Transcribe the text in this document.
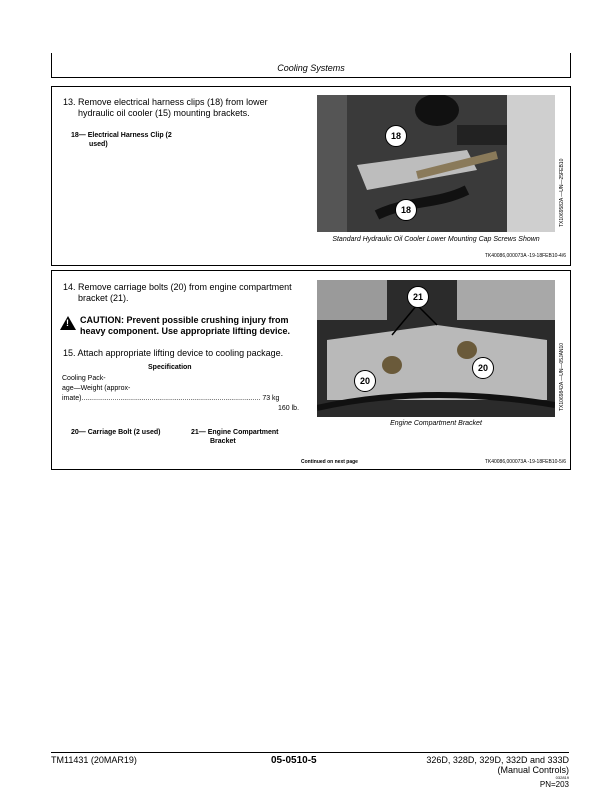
Cooling Systems
13. Remove electrical harness clips (18) from lower
hydraulic oil cooler (15) mounting brackets.
18— Electrical Harness Clip (2
used)
18
18	TX1069582A —UN—25FEB10
Standard Hydraulic Oil Cooler Lower Mounting Cap Screws Shown
TK40086,000073A -19-18FEB10-4/6
14. Remove carriage bolts (20) from engine compartment
bracket (21).
! CAUTION: Prevent possible crushing injury from
heavy component. Use appropriate lifting device.
15. Attach appropriate lifting device to cooling package.
Specification
Cooling Pack-
age—Weight (approx-
imate)............................................................................................ 73 kg
160 lb.
20— Carriage Bolt (2 used)	21— Engine Compartment
Bracket
21
20
20	TX1069842A —UN—05JAN10
Engine Compartment Bracket
Continued on next page	TK40086,000073A -19-18FEB10-5/6
TM11431 (20MAR19)	05-0510-5	326D, 328D, 329D, 332D and 333D
(Manual Controls)
032819
PN=203
